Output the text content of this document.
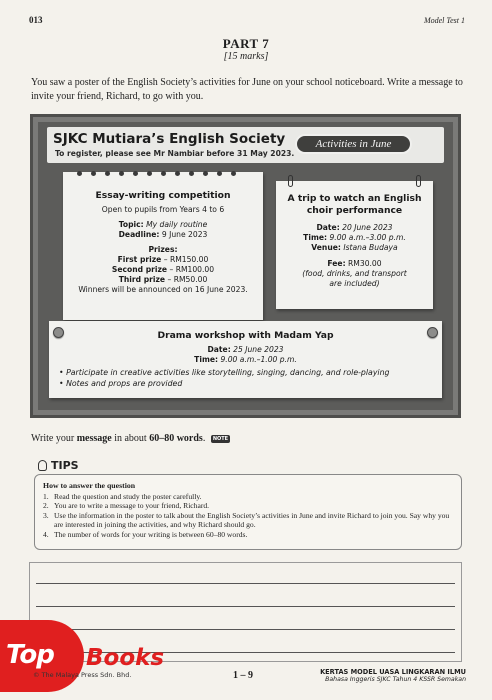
013	Model Test 1
PART 7
[15 marks]
You saw a poster of the English Society’s activities for June on your school noticeboard. Write a message to invite your friend, Richard, to go with you.
SJKC Mutiara’s English Society
To register, please see Mr Nambiar before 31 May 2023.
Activities in June
Essay-writing competition
Open to pupils from Years 4 to 6
Topic: My daily routine
Deadline: 9 June 2023
Prizes:
First prize – RM150.00
Second prize – RM100.00
Third prize – RM50.00
Winners will be announced on 16 June 2023.
A trip to watch an English
choir performance
Date: 20 June 2023
Time: 9.00 a.m.–3.00 p.m.
Venue: Istana Budaya
Fee: RM30.00
(food, drinks, and transport
are included)
Drama workshop with Madam Yap
Date: 25 June 2023
Time: 9.00 a.m.–1.00 p.m.
• Participate in creative activities like storytelling, singing, dancing, and role-playing
• Notes and props are provided
Write your message in about 60–80 words. NOTE
TIPS
How to answer the question
1. Read the question and study the poster carefully.
2. You are to write a message to your friend, Richard.
3. Use the information in the poster to talk about the English Society’s activities in June and invite Richard to join you. Say why you are interested in joining the activities, and why Richard should go.
4. The number of words for your writing is between 60–80 words.
Top Books
© The Malaya Press Sdn. Bhd.	1 – 9	KERTAS MODEL UASA LINGKARAN ILMU
Bahasa Inggeris SJKC Tahun 4 KSSR Semakan
